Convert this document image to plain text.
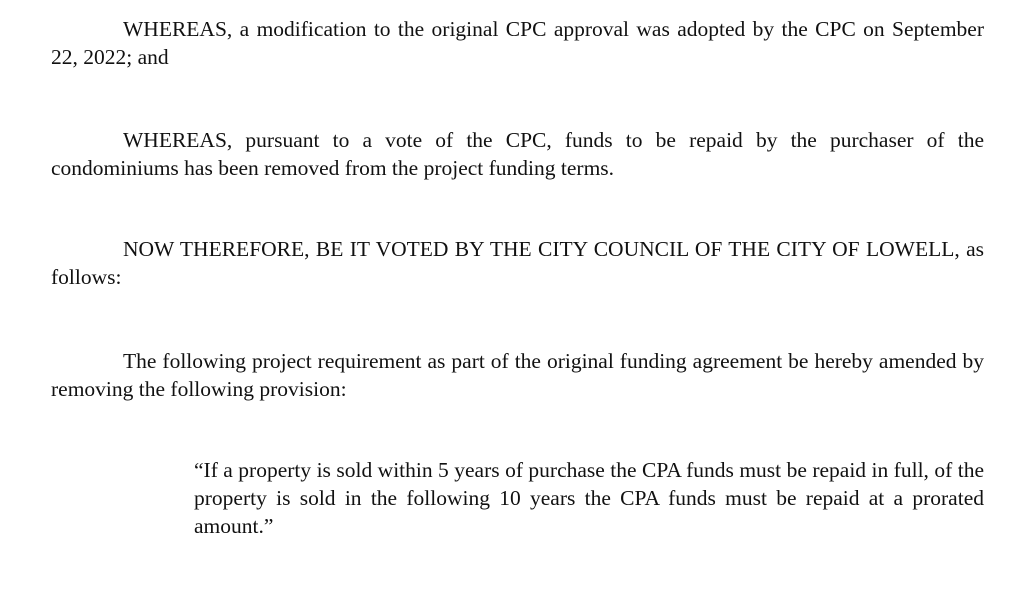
WHEREAS, a modification to the original CPC approval was adopted by the CPC on September 22, 2022; and

WHEREAS, pursuant to a vote of the CPC, funds to be repaid by the purchaser of the condominiums has been removed from the project funding terms.

NOW THEREFORE, BE IT VOTED BY THE CITY COUNCIL OF THE CITY OF LOWELL, as follows:

The following project requirement as part of the original funding agreement be hereby amended by removing the following provision:

“If a property is sold within 5 years of purchase the CPA funds must be repaid in full, of the property is sold in the following 10 years the CPA funds must be repaid at a prorated amount.”
